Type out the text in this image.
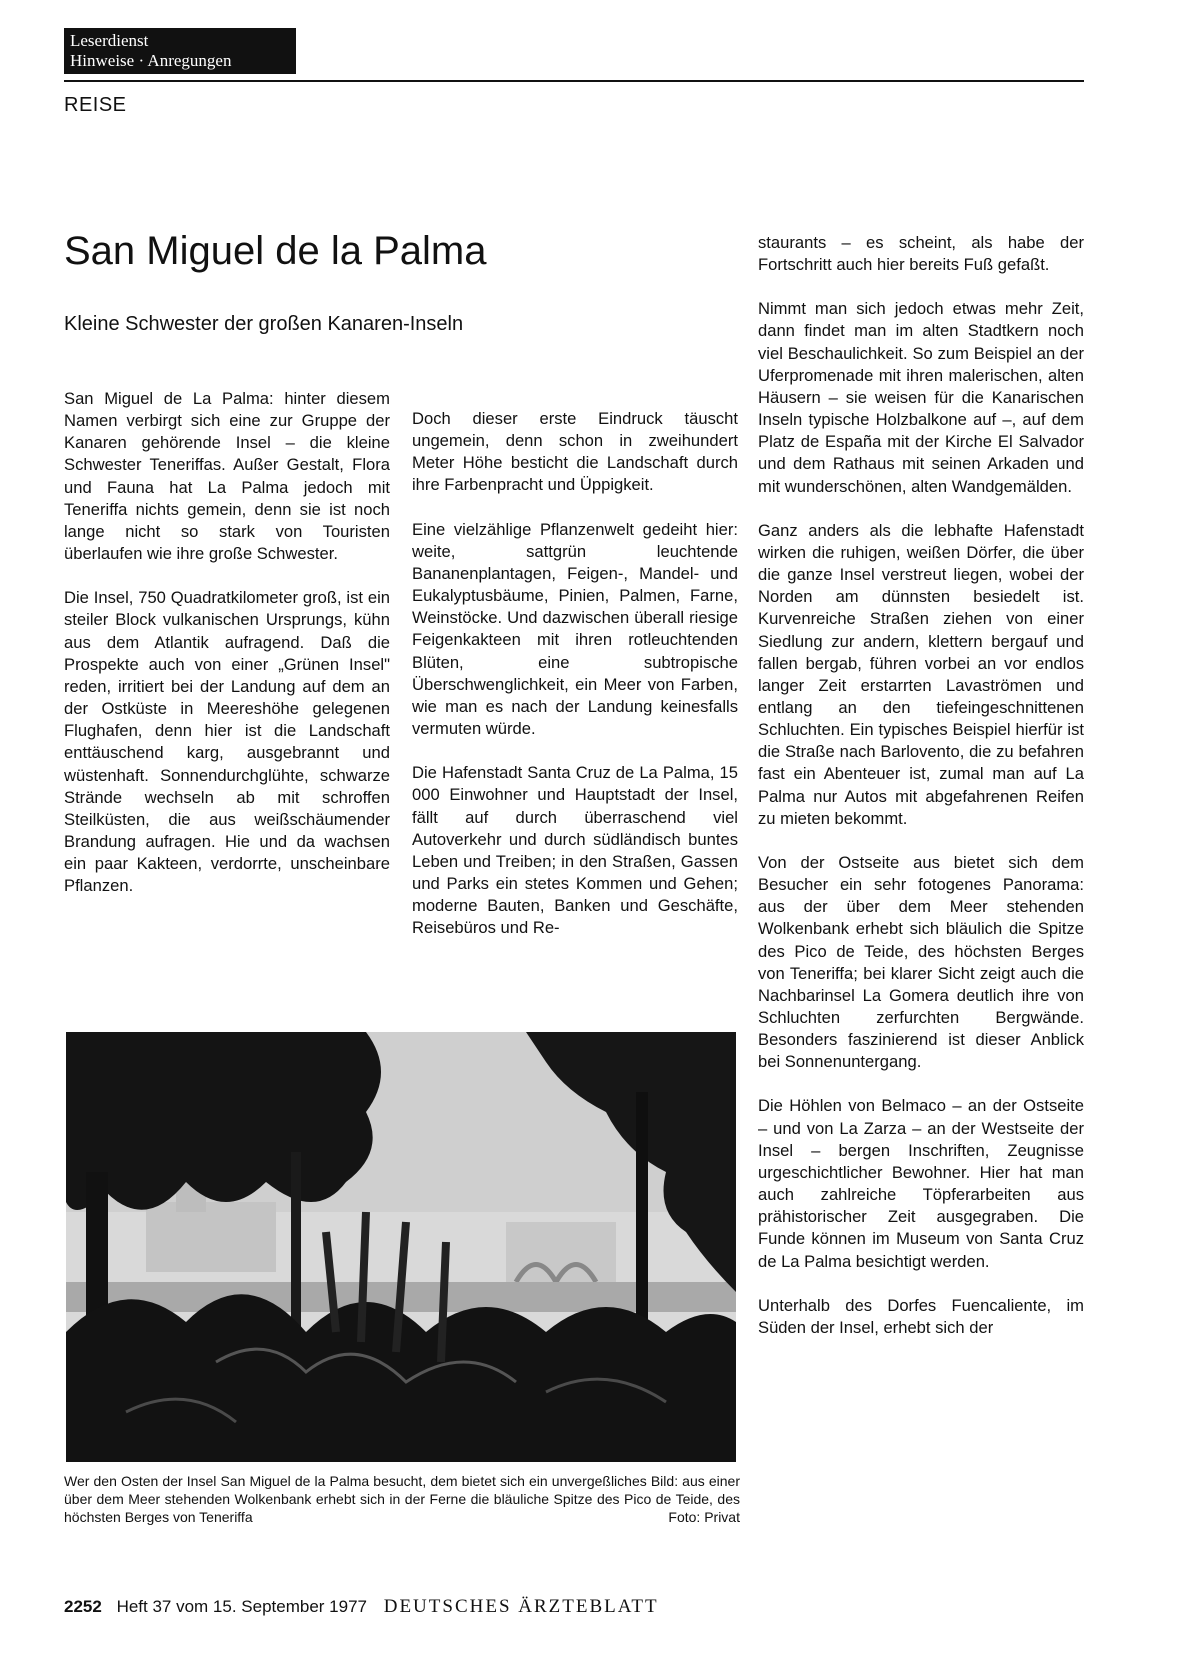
Leserdienst
Hinweise · Anregungen
REISE
San Miguel de la Palma
Kleine Schwester der großen Kanaren-Inseln

San Miguel de La Palma: hinter diesem Namen verbirgt sich eine zur Gruppe der Kanaren gehörende Insel – die kleine Schwester Teneriffas. Außer Gestalt, Flora und Fauna hat La Palma jedoch mit Teneriffa nichts gemein, denn sie ist noch lange nicht so stark von Touristen überlaufen wie ihre große Schwester.

Die Insel, 750 Quadratkilometer groß, ist ein steiler Block vulkanischen Ursprungs, kühn aus dem Atlantik aufragend. Daß die Prospekte auch von einer „Grünen Insel" reden, irritiert bei der Landung auf dem an der Ostküste in Meereshöhe gelegenen Flughafen, denn hier ist die Landschaft enttäuschend karg, ausgebrannt und wüstenhaft. Sonnendurchglühte, schwarze Strände wechseln ab mit schroffen Steilküsten, die aus weißschäumender Brandung aufragen. Hie und da wachsen ein paar Kakteen, verdorrte, unscheinbare Pflanzen.

Doch dieser erste Eindruck täuscht ungemein, denn schon in zweihundert Meter Höhe besticht die Landschaft durch ihre Farbenpracht und Üppigkeit.

Eine vielzählige Pflanzenwelt gedeiht hier: weite, sattgrün leuchtende Bananenplantagen, Feigen-, Mandel- und Eukalyptusbäume, Pinien, Palmen, Farne, Weinstöcke. Und dazwischen überall riesige Feigenkakteen mit ihren rotleuchtenden Blüten, eine subtropische Überschwenglichkeit, ein Meer von Farben, wie man es nach der Landung keinesfalls vermuten würde.

Die Hafenstadt Santa Cruz de La Palma, 15 000 Einwohner und Hauptstadt der Insel, fällt auf durch überraschend viel Autoverkehr und durch südländisch buntes Leben und Treiben; in den Straßen, Gassen und Parks ein stetes Kommen und Gehen; moderne Bauten, Banken und Geschäfte, Reisebüros und Re-

staurants – es scheint, als habe der Fortschritt auch hier bereits Fuß gefaßt.

Nimmt man sich jedoch etwas mehr Zeit, dann findet man im alten Stadtkern noch viel Beschaulichkeit. So zum Beispiel an der Uferpromenade mit ihren malerischen, alten Häusern – sie weisen für die Kanarischen Inseln typische Holzbalkone auf –, auf dem Platz de España mit der Kirche El Salvador und dem Rathaus mit seinen Arkaden und mit wunderschönen, alten Wandgemälden.

Ganz anders als die lebhafte Hafenstadt wirken die ruhigen, weißen Dörfer, die über die ganze Insel verstreut liegen, wobei der Norden am dünnsten besiedelt ist. Kurvenreiche Straßen ziehen von einer Siedlung zur andern, klettern bergauf und fallen bergab, führen vorbei an vor endlos langer Zeit erstarrten Lavaströmen und entlang an den tiefeingeschnittenen Schluchten. Ein typisches Beispiel hierfür ist die Straße nach Barlovento, die zu befahren fast ein Abenteuer ist, zumal man auf La Palma nur Autos mit abgefahrenen Reifen zu mieten bekommt.

Von der Ostseite aus bietet sich dem Besucher ein sehr fotogenes Panorama: aus der über dem Meer stehenden Wolkenbank erhebt sich bläulich die Spitze des Pico de Teide, des höchsten Berges von Teneriffa; bei klarer Sicht zeigt auch die Nachbarinsel La Gomera deutlich ihre von Schluchten zerfurchten Bergwände. Besonders faszinierend ist dieser Anblick bei Sonnenuntergang.

Die Höhlen von Belmaco – an der Ostseite – und von La Zarza – an der Westseite der Insel – bergen Inschriften, Zeugnisse urgeschichtlicher Bewohner. Hier hat man auch zahlreiche Töpferarbeiten aus prähistorischer Zeit ausgegraben. Die Funde können im Museum von Santa Cruz de La Palma besichtigt werden.

Unterhalb des Dorfes Fuencaliente, im Süden der Insel, erhebt sich der

Wer den Osten der Insel San Miguel de la Palma besucht, dem bietet sich ein unvergeßliches Bild: aus einer über dem Meer stehenden Wolkenbank erhebt sich in der Ferne die bläuliche Spitze des Pico de Teide, des höchsten Berges von Teneriffa	Foto: Privat
2252 Heft 37 vom 15. September 1977 DEUTSCHES ÄRZTEBLATT
